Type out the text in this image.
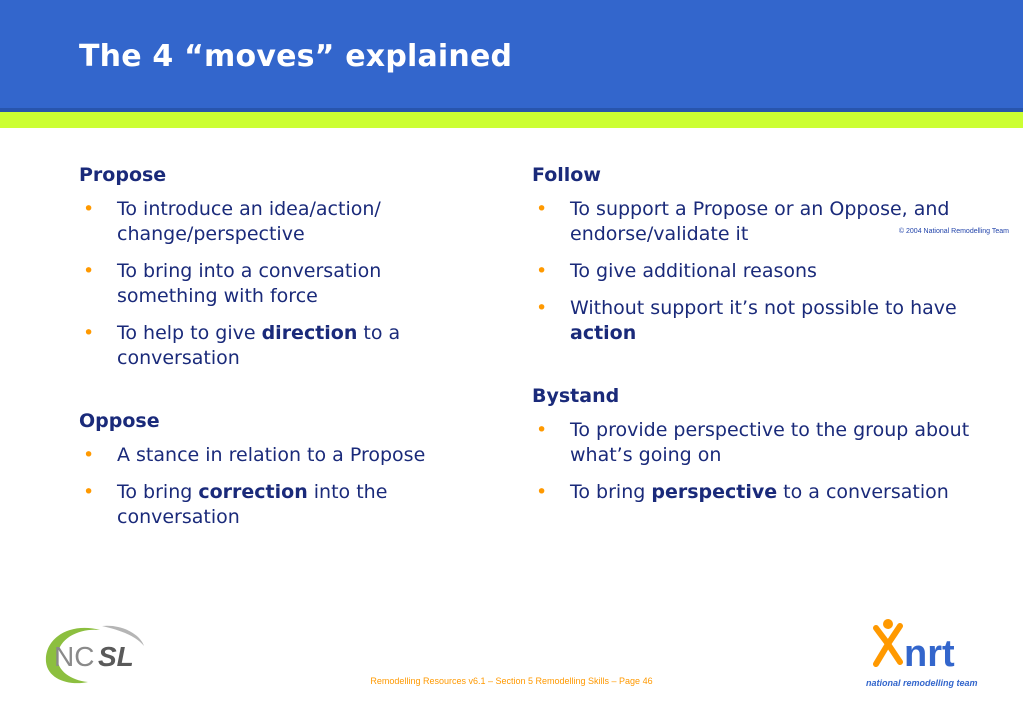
The 4 “moves” explained
© 2004 National Remodelling Team
Propose
• To introduce an idea/action/ change/perspective
• To bring into a conversation something with force
• To help to give direction to a conversation
Oppose
• A stance in relation to a Propose
• To bring correction into the conversation
Follow
• To support a Propose or an Oppose, and endorse/validate it
• To give additional reasons
• Without support it’s not possible to have action
Bystand
• To provide perspective to the group about what’s going on
• To bring perspective to a conversation
NC SL	nrt
national remodelling team
Remodelling Resources v6.1 – Section 5 Remodelling Skills – Page 46
